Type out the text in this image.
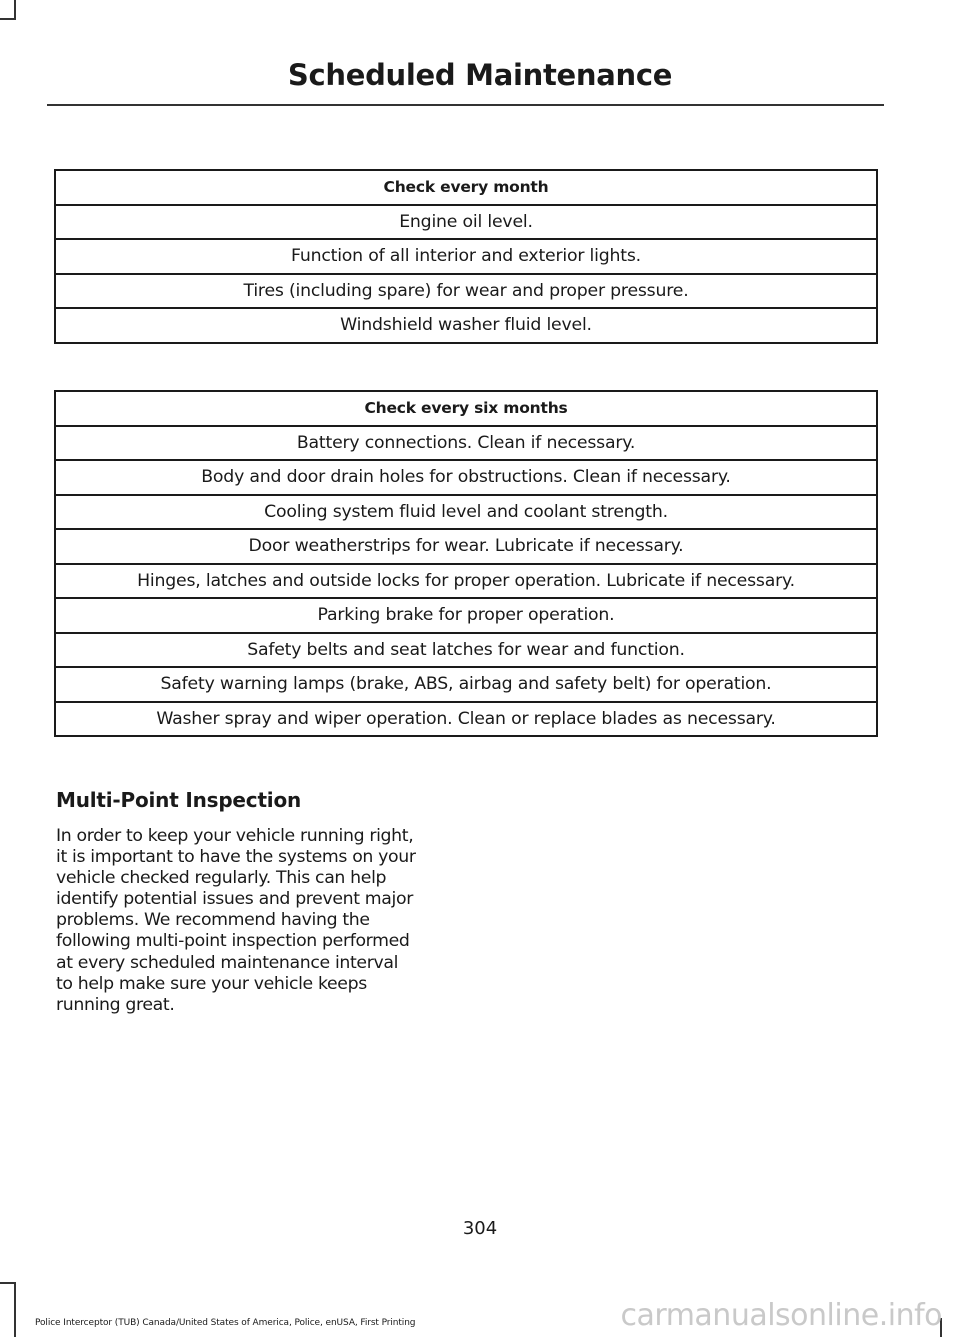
Scheduled Maintenance
Check every month
Engine oil level.
Function of all interior and exterior lights.
Tires (including spare) for wear and proper pressure.
Windshield washer fluid level.
Check every six months
Battery connections. Clean if necessary.
Body and door drain holes for obstructions. Clean if necessary.
Cooling system fluid level and coolant strength.
Door weatherstrips for wear. Lubricate if necessary.
Hinges, latches and outside locks for proper operation. Lubricate if necessary.
Parking brake for proper operation.
Safety belts and seat latches for wear and function.
Safety warning lamps (brake, ABS, airbag and safety belt) for operation.
Washer spray and wiper operation. Clean or replace blades as necessary.
Multi-Point Inspection
In order to keep your vehicle running right,
it is important to have the systems on your
vehicle checked regularly. This can help
identify potential issues and prevent major
problems. We recommend having the
following multi-point inspection performed
at every scheduled maintenance interval
to help make sure your vehicle keeps
running great.
304
Police Interceptor (TUB) Canada/United States of America, Police, enUSA, First Printing	carmanualsonline.info
